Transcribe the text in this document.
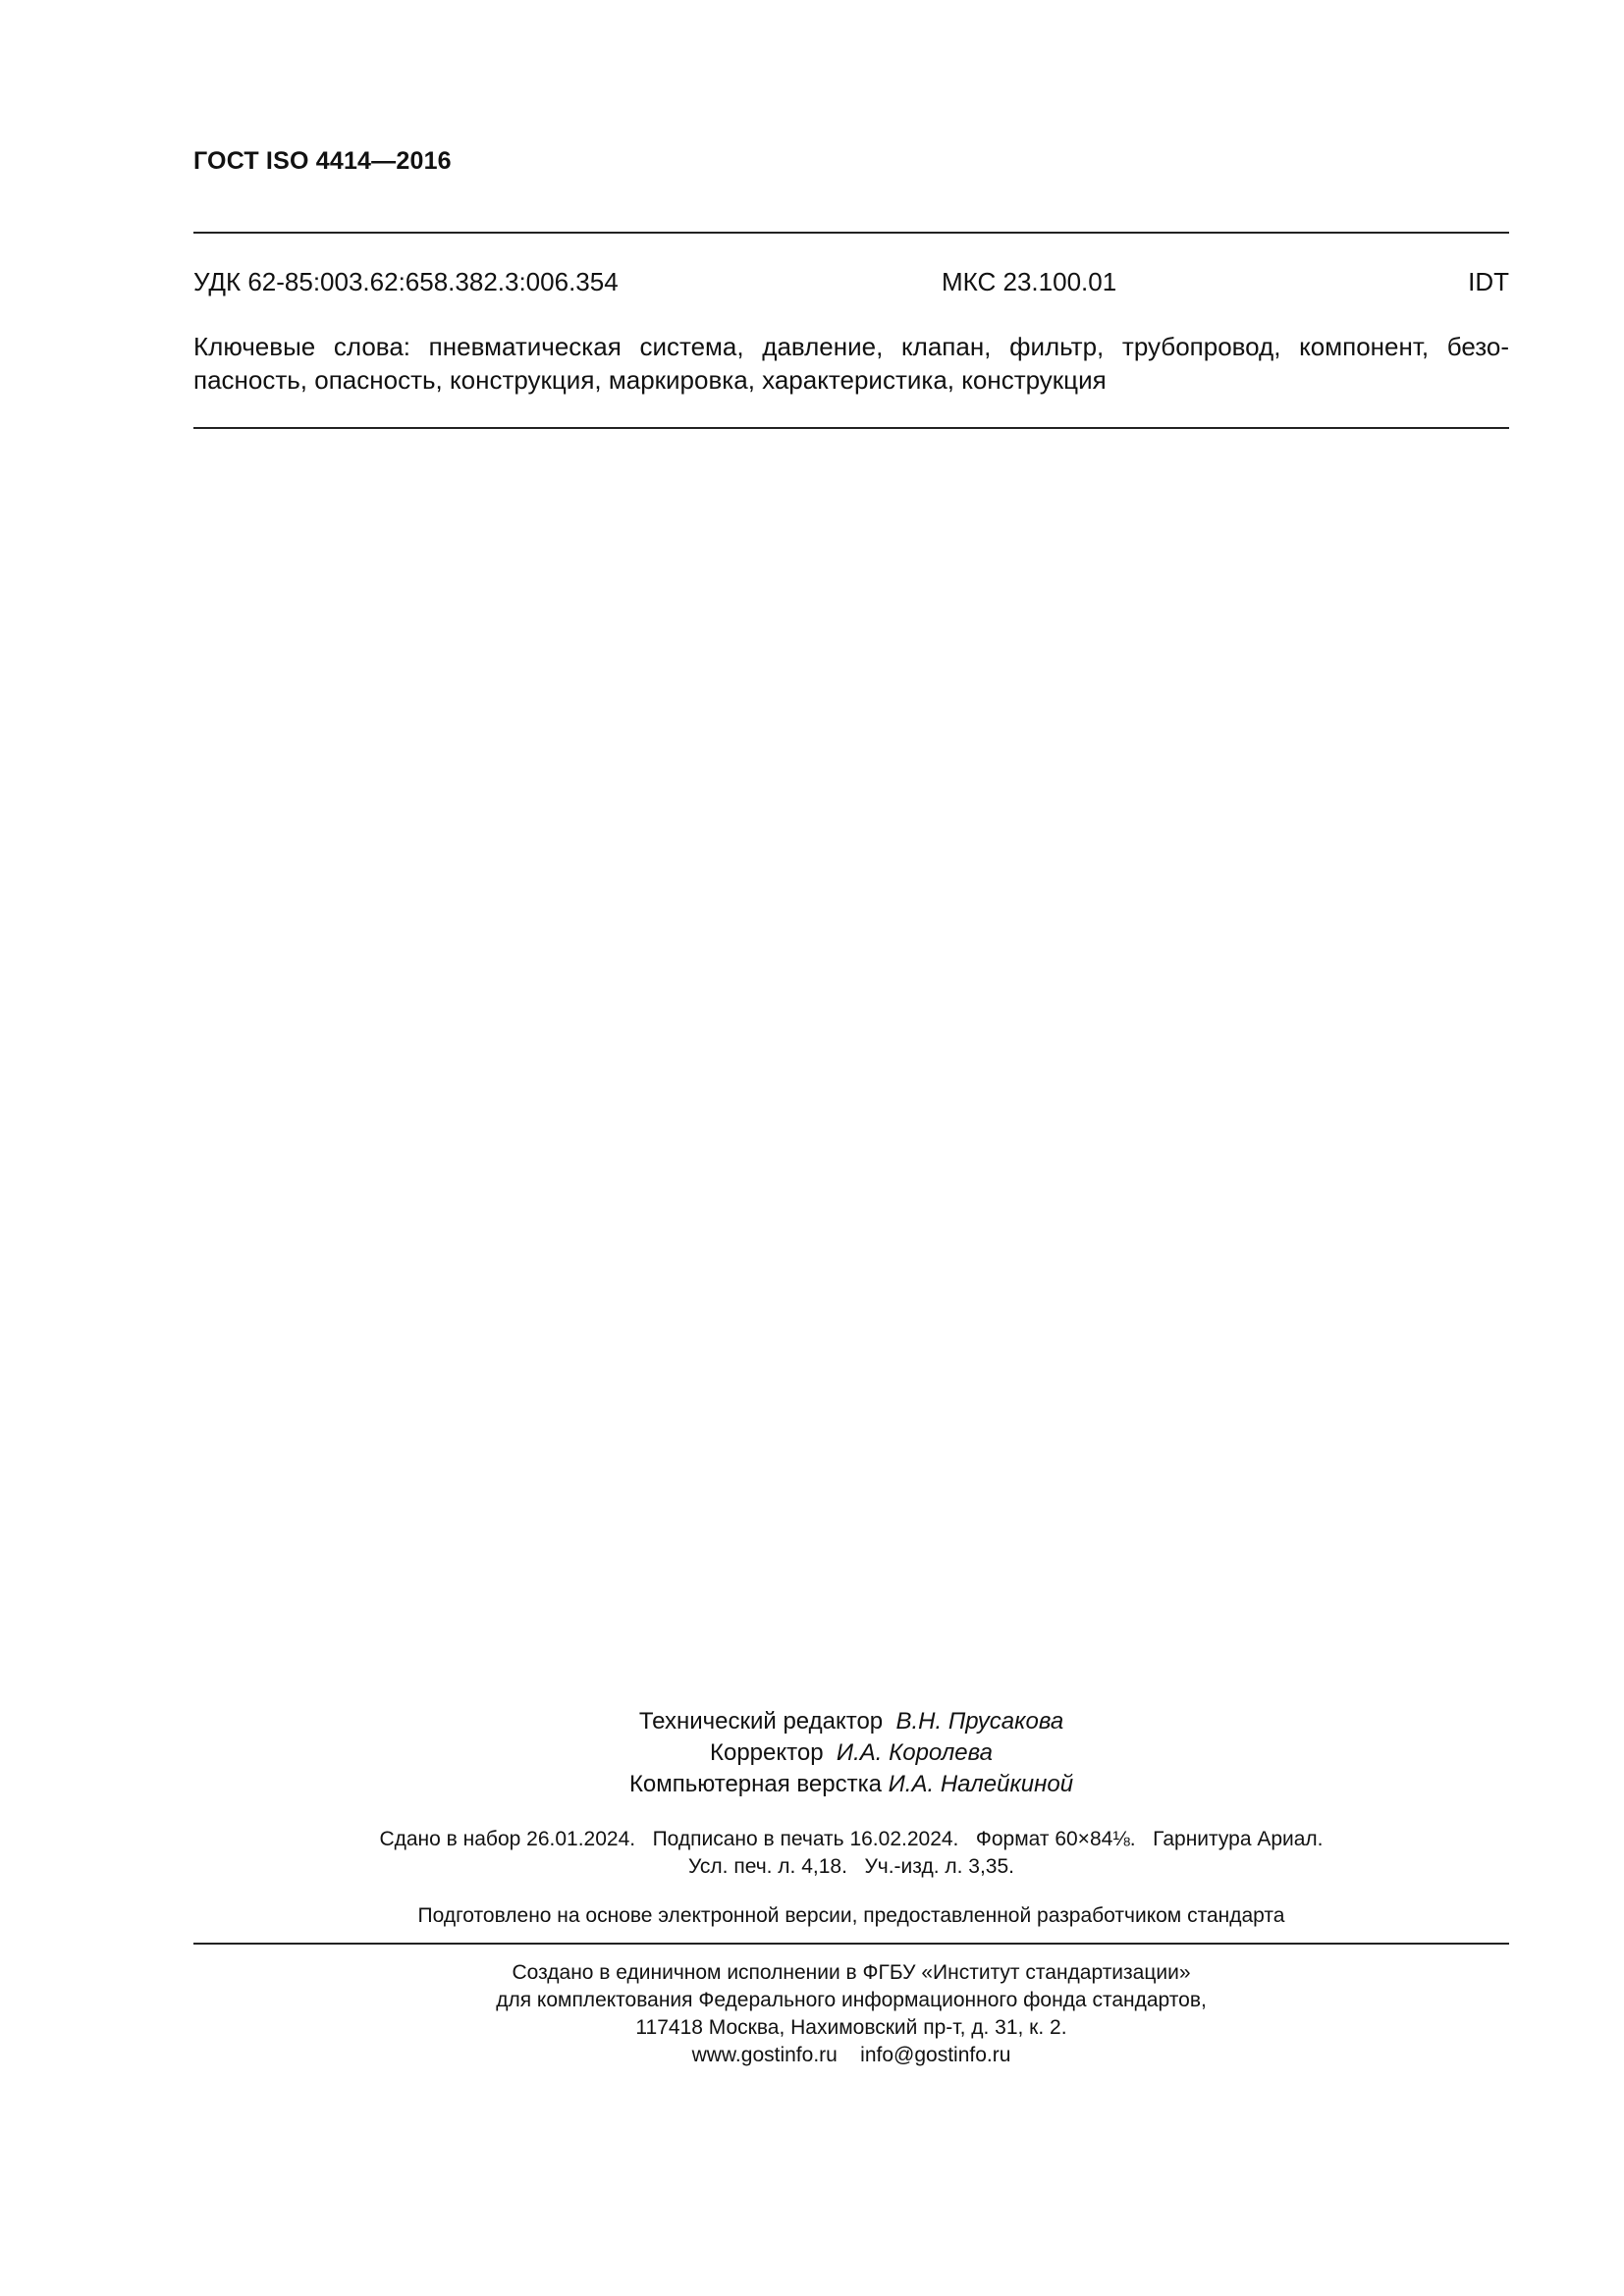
ГОСТ ISO 4414—2016
УДК 62-85:003.62:658.382.3:006.354	МКС 23.100.01	IDT
Ключевые слова: пневматическая система, давление, клапан, фильтр, трубопровод, компонент, безо-
пасность, опасность, конструкция, маркировка, характеристика, конструкция
Технический редактор В.Н. Прусакова
Корректор И.А. Королева
Компьютерная верстка И.А. Налейкиной
Сдано в набор 26.01.2024.   Подписано в печать 16.02.2024.   Формат 60×84⅛.   Гарнитура Ариал.
Усл. печ. л. 4,18.   Уч.-изд. л. 3,35.
Подготовлено на основе электронной версии, предоставленной разработчиком стандарта
Создано в единичном исполнении в ФГБУ «Институт стандартизации»
для комплектования Федерального информационного фонда стандартов,
117418 Москва, Нахимовский пр-т, д. 31, к. 2.
www.gostinfo.ru    info@gostinfo.ru
